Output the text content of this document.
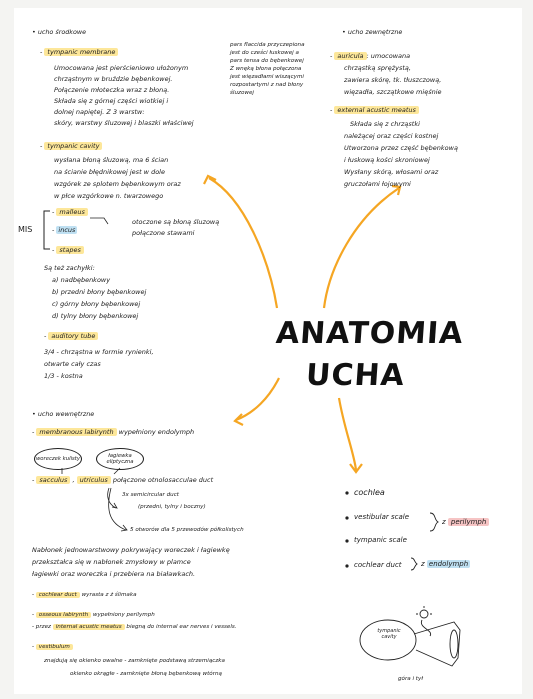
• ucho środkowe
- tympanic membrane
Umocowana jest pierścieniowo ułożonym
chrząstnym w bruździe bębenkowej.
Połączenie młoteczka wraz z błoną.
Składa się z górnej części wiotkiej i
dolnej napiętej. Z 3 warstw:
skóry, warstwy śluzowej i blaszki właściwej
pars flaccida przyczepiona
jest do cześci łuskowej a
pars tensa do bębenkowej
Z wnęką błona połączona
jest więzadłami wiszącymi
rozpostartymi z nad błony
śluzowej
- tympanic cavity
wysłana błoną śluzową, ma 6 ścian
na ścianie błędnikowej jest w dole
wzgórek ze splotem bębenkowym oraz
w płce wzgórkowe n. twarzowego
MIS
- malleus
- incus
- stapes
otoczone są błoną śluzową
połączone stawami
Są też zachyłki:
a) nadbębenkowy
b) przedni błony bębenkowej
c) górny błony bębenkowej
d) tylny błony bębenkowej
- auditory tube
3/4 - chrząstna w formie rynienki,
otwarte cały czas
1/3 - kostna
• ucho zewnętrzne
- auricula : umocowana
chrząstką sprężystą,
zawiera skórę, tk. tłuszczową,
więzadła, szczątkowe mięśnie
- external acustic meatus
Składa się z chrząstki
należącej oraz części kostnej
Utworzona przez część bębenkową
i łuskową kości skroniowej
Wysłany skórą, włosami oraz
gruczołami łojowymi
ANATOMIA
UCHA
• ucho wewnętrzne
- membranous labirynth wypełniony endolymph
woreczek kulisty	łagiewka eliptyczna
- sacculus , utriculus połączone otnolosacculae duct
3x semicircular duct
(przedni, tylny i boczny)
5 otworów dla 5 przewodów półkolistych
Nabłonek jednowarstwowy pokrywający woreczek i łagiewkę
przekształca się w nabłonek zmysłowy w plamce
łagiewki oraz woreczka i przebiera na białawkach.
- cochlear duct wyrasta z ż ślimaka
- osseous labirynth wypełniony perilymph
- przez internal acustic meatus biegną do internal ear nerves i vessels.
- vestibulum
znajdują się okienko owalne - zamknięte podstawą strzemiączka
okienko okrągłe - zamknięte błoną bębenkową wtórną
cochlea
vestibular scale
tympanic scale
z perilymph
cochlear duct	z endolymph
tympanic cavity
góra i tył
